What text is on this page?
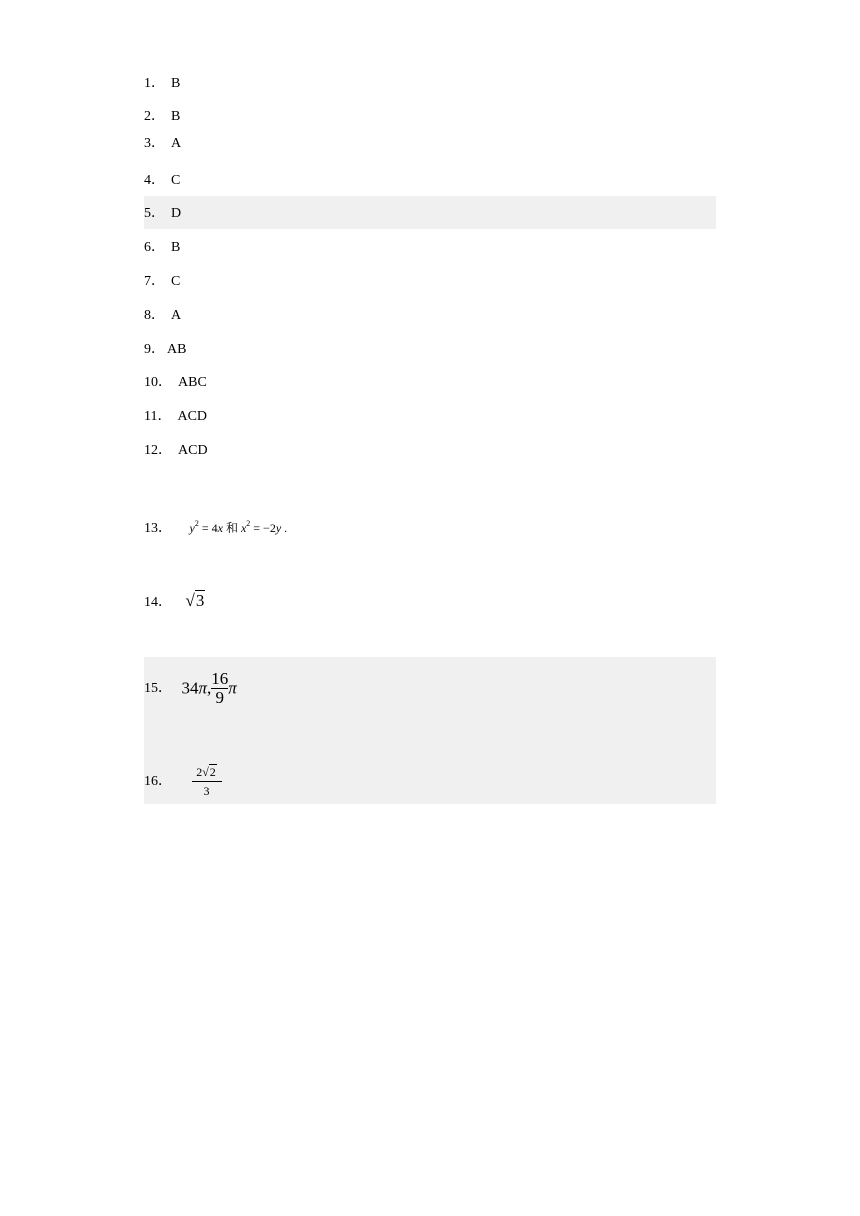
1． B
2． B
3． A
4． C
5． D
6． B
7． C
8． A
9． AB
10． ABC
11． ACD
12． ACD
13． $y^2 = 4x$ 和 $x^2 = -2y$ .
14． √3
15． 34π, $\frac{16}{9}$ π
16． $\frac{2√2}{3}$
